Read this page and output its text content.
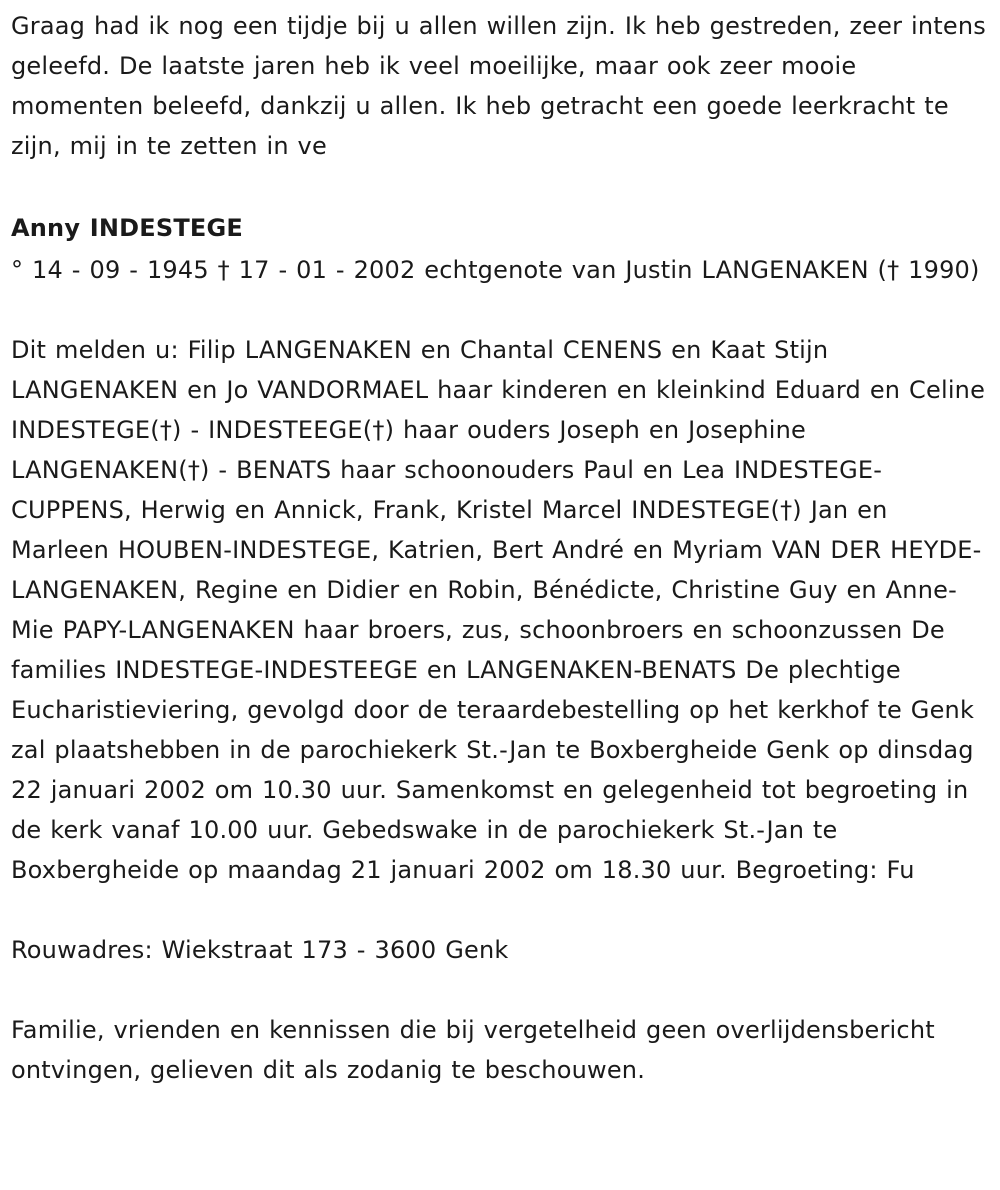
Graag had ik nog een tijdje bij u allen willen zijn. Ik heb gestreden, zeer intens geleefd. De laatste jaren heb ik veel moeilijke, maar ook zeer mooie momenten beleefd, dankzij u allen. Ik heb getracht een goede leerkracht te zijn, mij in te zetten in ve

Anny INDESTEGE

° 14 - 09 - 1945 † 17 - 01 - 2002 echtgenote van Justin LANGENAKEN († 1990)

Dit melden u: Filip LANGENAKEN en Chantal CENENS en Kaat Stijn LANGENAKEN en Jo VANDORMAEL haar kinderen en kleinkind Eduard en Celine INDESTEGE(†) - INDESTEEGE(†) haar ouders Joseph en Josephine LANGENAKEN(†) - BENATS haar schoonouders Paul en Lea INDESTEGE-CUPPENS, Herwig en Annick, Frank, Kristel Marcel INDESTEGE(†) Jan en Marleen HOUBEN-INDESTEGE, Katrien, Bert André en Myriam VAN DER HEYDE-LANGENAKEN, Regine en Didier en Robin, Bénédicte, Christine Guy en Anne-Mie PAPY-LANGENAKEN haar broers, zus, schoonbroers en schoonzussen De families INDESTEGE-INDESTEEGE en LANGENAKEN-BENATS De plechtige Eucharistieviering, gevolgd door de teraardebestelling op het kerkhof te Genk zal plaatshebben in de parochiekerk St.-Jan te Boxbergheide Genk op dinsdag 22 januari 2002 om 10.30 uur. Samenkomst en gelegenheid tot begroeting in de kerk vanaf 10.00 uur. Gebedswake in de parochiekerk St.-Jan te Boxbergheide op maandag 21 januari 2002 om 18.30 uur. Begroeting: Fu

Rouwadres: Wiekstraat 173 - 3600 Genk

Familie, vrienden en kennissen die bij vergetelheid geen overlijdensbericht ontvingen, gelieven dit als zodanig te beschouwen.
